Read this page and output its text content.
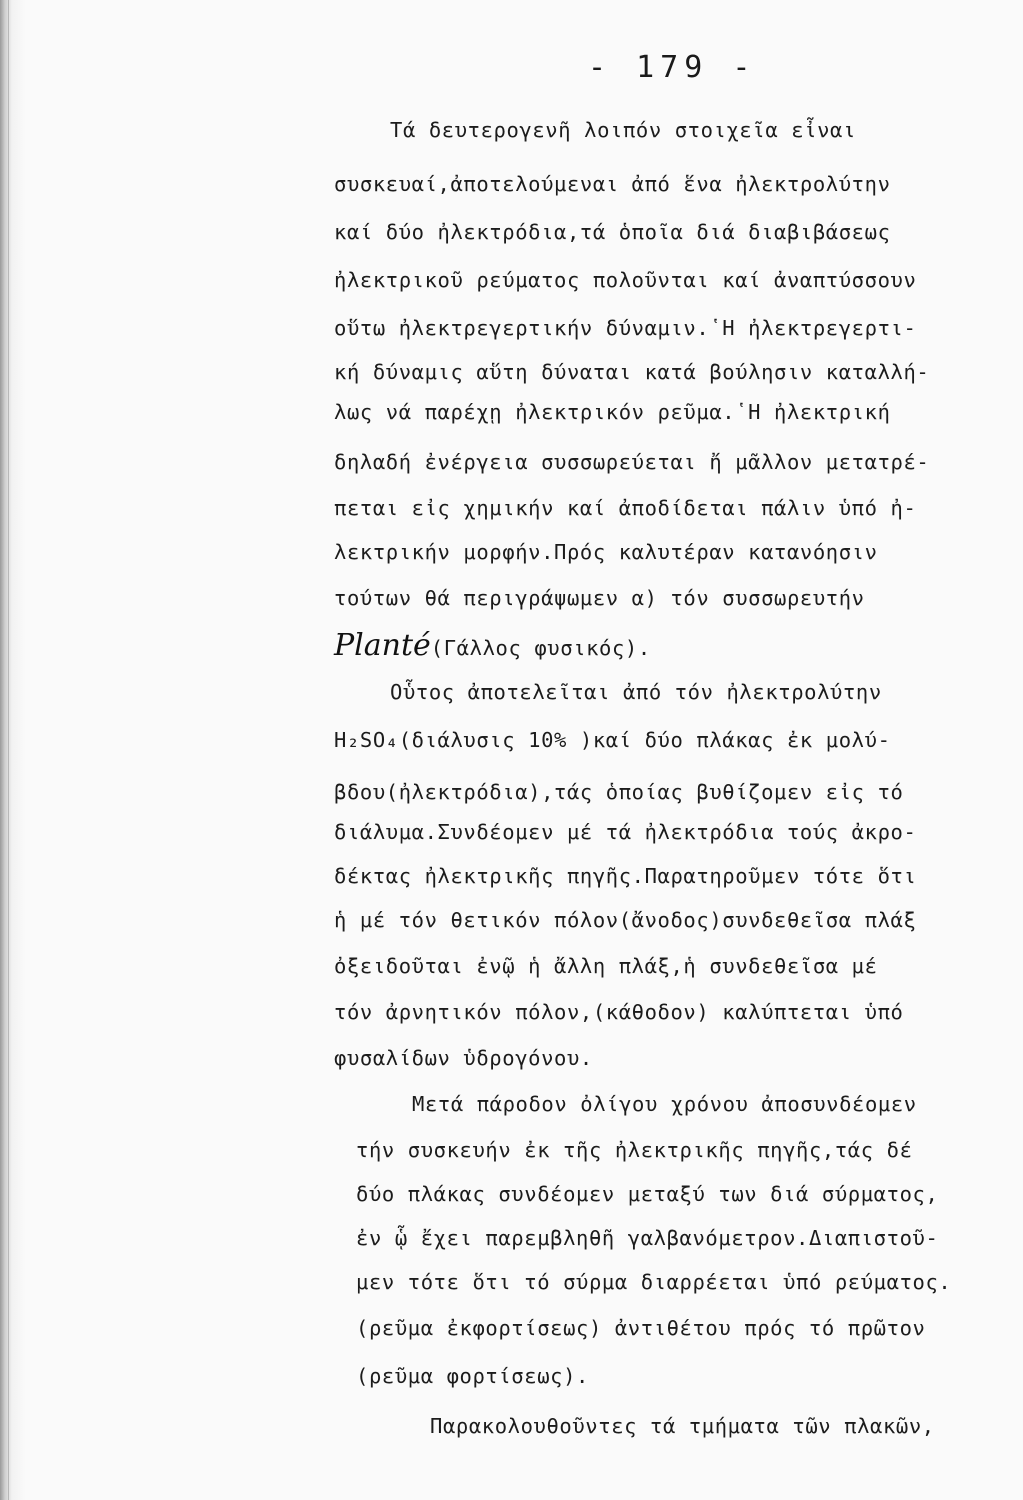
- 179 -
Τά δευτερογενῆ λοιπόν στοιχεῖα εἶναι
συσκευαί,ἀποτελούμεναι ἀπό ἕνα ἠλεκτρολύτην
καί δύο ἠλεκτρόδια,τά ὁποῖα διά διαβιβάσεως
ἠλεκτρικοῦ ρεύματος πολοῦνται καί ἀναπτύσσουν
οὕτω ἠλεκτρεγερτικήν δύναμιν.῾Η ἠλεκτρεγερτι-
κή δύναμις αὕτη δύναται κατά βούλησιν καταλλή-
λως νά παρέχῃ ἠλεκτρικόν ρεῦμα.῾Η ἠλεκτρική
δηλαδή ἐνέργεια συσσωρεύεται ἤ μᾶλλον μετατρέ-
πεται εἰς χημικήν καί ἀποδίδεται πάλιν ὑπό ἠ-
λεκτρικήν μορφήν.Πρός καλυτέραν κατανόησιν
τούτων θά περιγράψωμεν α) τόν συσσωρευτήν
Planté(Γάλλος φυσικός).
Οὗτος ἀποτελεῖται ἀπό τόν ἠλεκτρολύτην
H₂SO₄(διάλυσις 10% )καί δύο πλάκας ἐκ μολύ-
βδου(ἠλεκτρόδια),τάς ὁποίας βυθίζομεν εἰς τό
διάλυμα.Συνδέομεν μέ τά ἠλεκτρόδια τούς ἀκρο-
δέκτας ἠλεκτρικῆς πηγῆς.Παρατηροῦμεν τότε ὅτι
ἡ μέ τόν θετικόν πόλον(ἄνοδος)συνδεθεῖσα πλάξ
ὀξειδοῦται ἐνῷ ἡ ἄλλη πλάξ,ἡ συνδεθεῖσα μέ
τόν ἀρνητικόν πόλον,(κάθοδον) καλύπτεται ὑπό
φυσαλίδων ὑδρογόνου.
Μετά πάροδον ὀλίγου χρόνου ἀποσυνδέομεν
τήν συσκευήν ἐκ τῆς ἠλεκτρικῆς πηγῆς,τάς δέ
δύο πλάκας συνδέομεν μεταξύ των διά σύρματος,
ἐν ᾧ ἔχει παρεμβληθῆ γαλβανόμετρον.Διαπιστοῦ-
μεν τότε ὅτι τό σύρμα διαρρέεται ὑπό ρεύματος.
(ρεῦμα ἐκφορτίσεως) ἀντιθέτου πρός τό πρῶτον
(ρεῦμα φορτίσεως).
Παρακολουθοῦντες τά τμήματα τῶν πλακῶν,
